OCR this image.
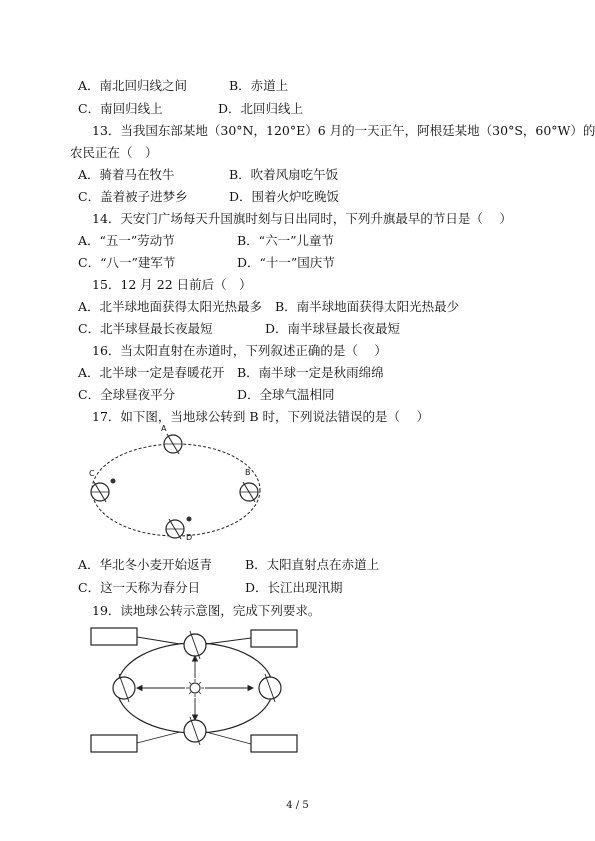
A．南北回归线之间	B．赤道上
C．南回归线上	D．北回归线上
13．当我国东部某地（30°N，120°E）6 月的一天正午，阿根廷某地（30°S，60°W）的
农民正在（　）
A．骑着马在牧牛	B．吹着风扇吃午饭
C．盖着被子进梦乡	D．围着火炉吃晚饭
14．天安门广场每天升国旗时刻与日出同时，下列升旗最早的节日是（　 ）
A．“五一”劳动节	B．“六一”儿童节
C．“八一”建军节	D．“十一”国庆节
15．12 月 22 日前后（　）
A．北半球地面获得太阳光热最多 B．南半球地面获得太阳光热最少
C．北半球昼最长夜最短	D．南半球昼最长夜最短
16．当太阳直射在赤道时，下列叙述正确的是（　 ）
A．北半球一定是春暖花开 B．南半球一定是秋雨绵绵
C．全球昼夜平分	D．全球气温相同
17．如下图，当地球公转到 B 时，下列说法错误的是（　 ）
A
C	B
D
A．华北冬小麦开始返青	B．太阳直射点在赤道上
C．这一天称为春分日	D．长江出现汛期
19．读地球公转示意图，完成下列要求。
4 / 5
